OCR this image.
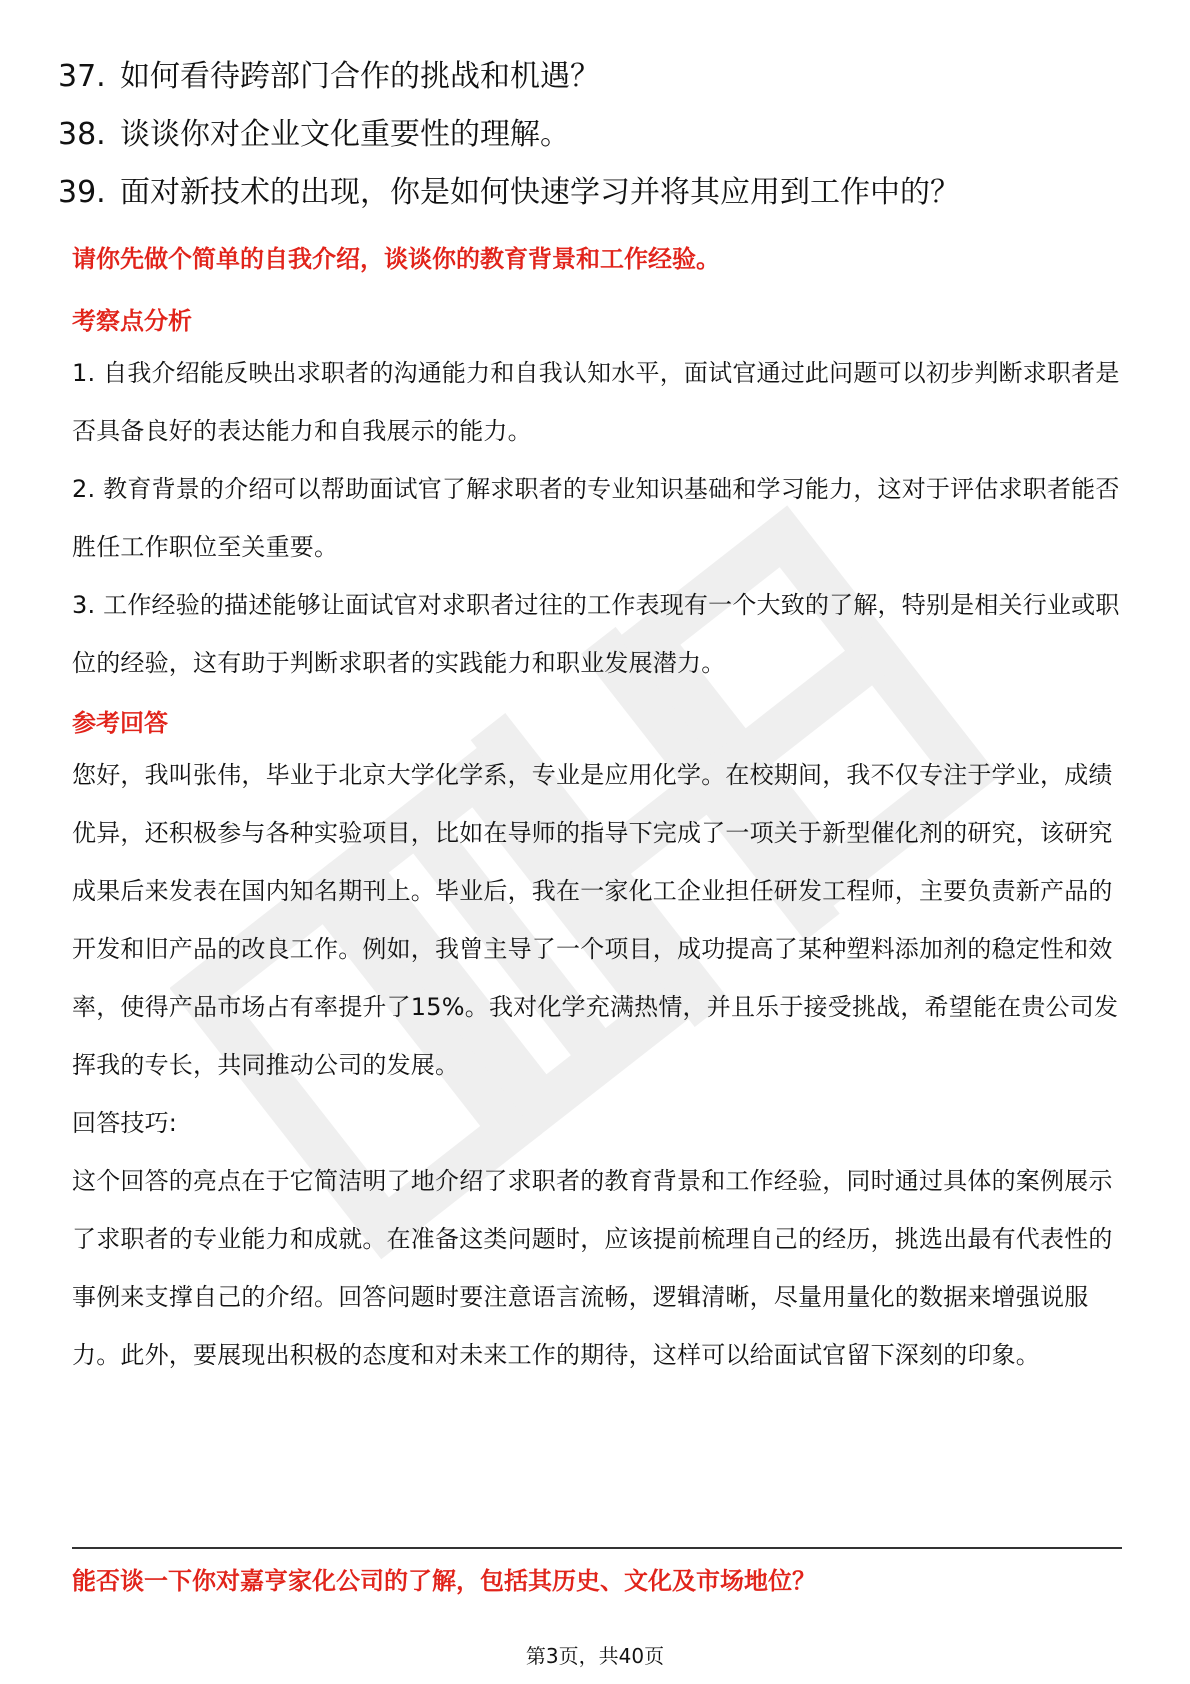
37. 如何看待跨部门合作的挑战和机遇？
38. 谈谈你对企业文化重要性的理解。
39. 面对新技术的出现，你是如何快速学习并将其应用到工作中的？
请你先做个简单的自我介绍，谈谈你的教育背景和工作经验。
考察点分析
1. 自我介绍能反映出求职者的沟通能力和自我认知水平，面试官通过此问题可以初步判断求职者是否具备良好的表达能力和自我展示的能力。
2. 教育背景的介绍可以帮助面试官了解求职者的专业知识基础和学习能力，这对于评估求职者能否胜任工作职位至关重要。
3. 工作经验的描述能够让面试官对求职者过往的工作表现有一个大致的了解，特别是相关行业或职位的经验，这有助于判断求职者的实践能力和职业发展潜力。
参考回答
您好，我叫张伟，毕业于北京大学化学系，专业是应用化学。在校期间，我不仅专注于学业，成绩优异，还积极参与各种实验项目，比如在导师的指导下完成了一项关于新型催化剂的研究，该研究成果后来发表在国内知名期刊上。毕业后，我在一家化工企业担任研发工程师，主要负责新产品的开发和旧产品的改良工作。例如，我曾主导了一个项目，成功提高了某种塑料添加剂的稳定性和效率，使得产品市场占有率提升了15%。我对化学充满热情，并且乐于接受挑战，希望能在贵公司发挥我的专长，共同推动公司的发展。
回答技巧:
这个回答的亮点在于它简洁明了地介绍了求职者的教育背景和工作经验，同时通过具体的案例展示了求职者的专业能力和成就。在准备这类问题时，应该提前梳理自己的经历，挑选出最有代表性的事例来支撑自己的介绍。回答问题时要注意语言流畅，逻辑清晰，尽量用量化的数据来增强说服力。此外，要展现出积极的态度和对未来工作的期待，这样可以给面试官留下深刻的印象。
能否谈一下你对嘉亨家化公司的了解，包括其历史、文化及市场地位？
第3页，共40页
